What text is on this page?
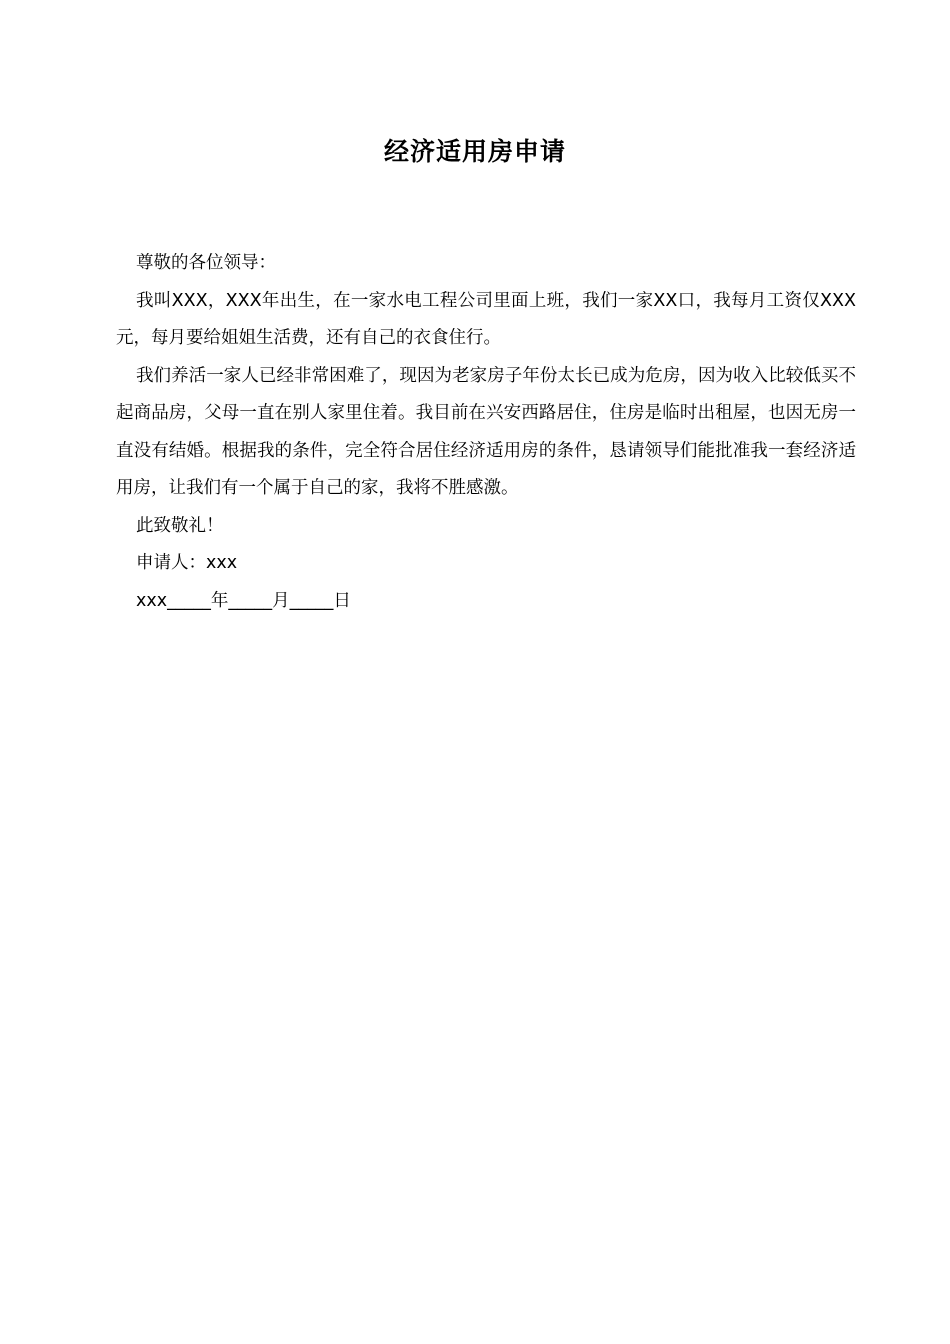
经济适用房申请

尊敬的各位领导：

我叫XXX，XXX年出生，在一家水电工程公司里面上班，我们一家XX口，我每月工资仅XXX元，每月要给姐姐生活费，还有自己的衣食住行。

我们养活一家人已经非常困难了，现因为老家房子年份太长已成为危房，因为收入比较低买不起商品房，父母一直在别人家里住着。我目前在兴安西路居住，住房是临时出租屋，也因无房一直没有结婚。根据我的条件，完全符合居住经济适用房的条件，恳请领导们能批准我一套经济适用房，让我们有一个属于自己的家，我将不胜感激。

此致敬礼！

申请人：xxx

xxx_____年_____月_____日
